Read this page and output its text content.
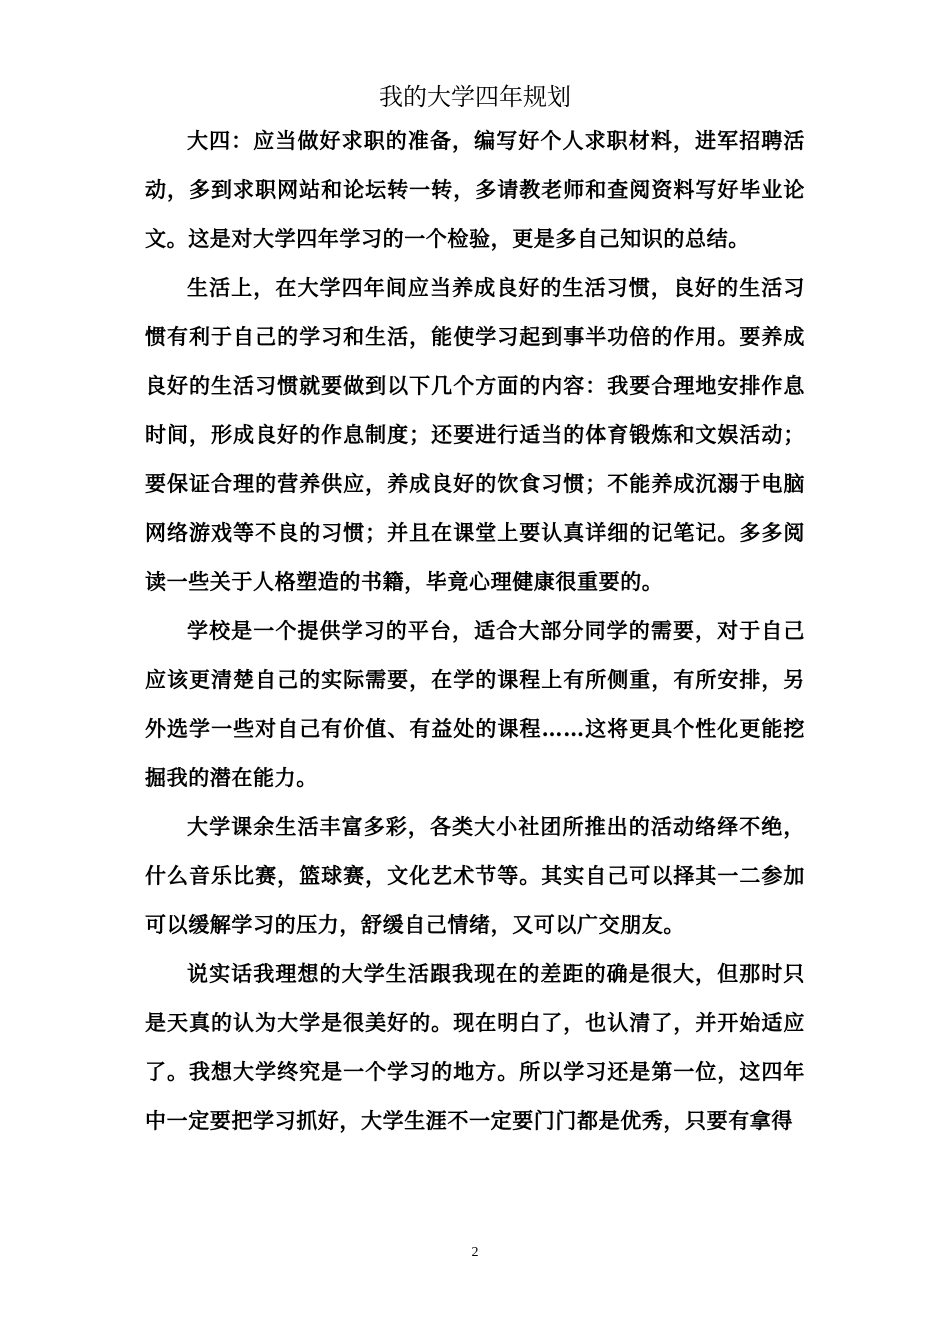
我的大学四年规划

大四：应当做好求职的准备，编写好个人求职材料，进军招聘活动，多到求职网站和论坛转一转，多请教老师和查阅资料写好毕业论文。这是对大学四年学习的一个检验，更是多自己知识的总结。

生活上，在大学四年间应当养成良好的生活习惯，良好的生活习惯有利于自己的学习和生活，能使学习起到事半功倍的作用。要养成良好的生活习惯就要做到以下几个方面的内容：我要合理地安排作息时间，形成良好的作息制度；还要进行适当的体育锻炼和文娱活动；要保证合理的营养供应，养成良好的饮食习惯；不能养成沉溺于电脑网络游戏等不良的习惯；并且在课堂上要认真详细的记笔记。多多阅读一些关于人格塑造的书籍，毕竟心理健康很重要的。

学校是一个提供学习的平台，适合大部分同学的需要，对于自己应该更清楚自己的实际需要，在学的课程上有所侧重，有所安排，另外选学一些对自己有价值、有益处的课程……这将更具个性化更能挖掘我的潜在能力。

大学课余生活丰富多彩，各类大小社团所推出的活动络绎不绝，什么音乐比赛，篮球赛，文化艺术节等。其实自己可以择其一二参加可以缓解学习的压力，舒缓自己情绪，又可以广交朋友。

说实话我理想的大学生活跟我现在的差距的确是很大，但那时只是天真的认为大学是很美好的。现在明白了，也认清了，并开始适应了。我想大学终究是一个学习的地方。所以学习还是第一位，这四年中一定要把学习抓好，大学生涯不一定要门门都是优秀，只要有拿得

2
